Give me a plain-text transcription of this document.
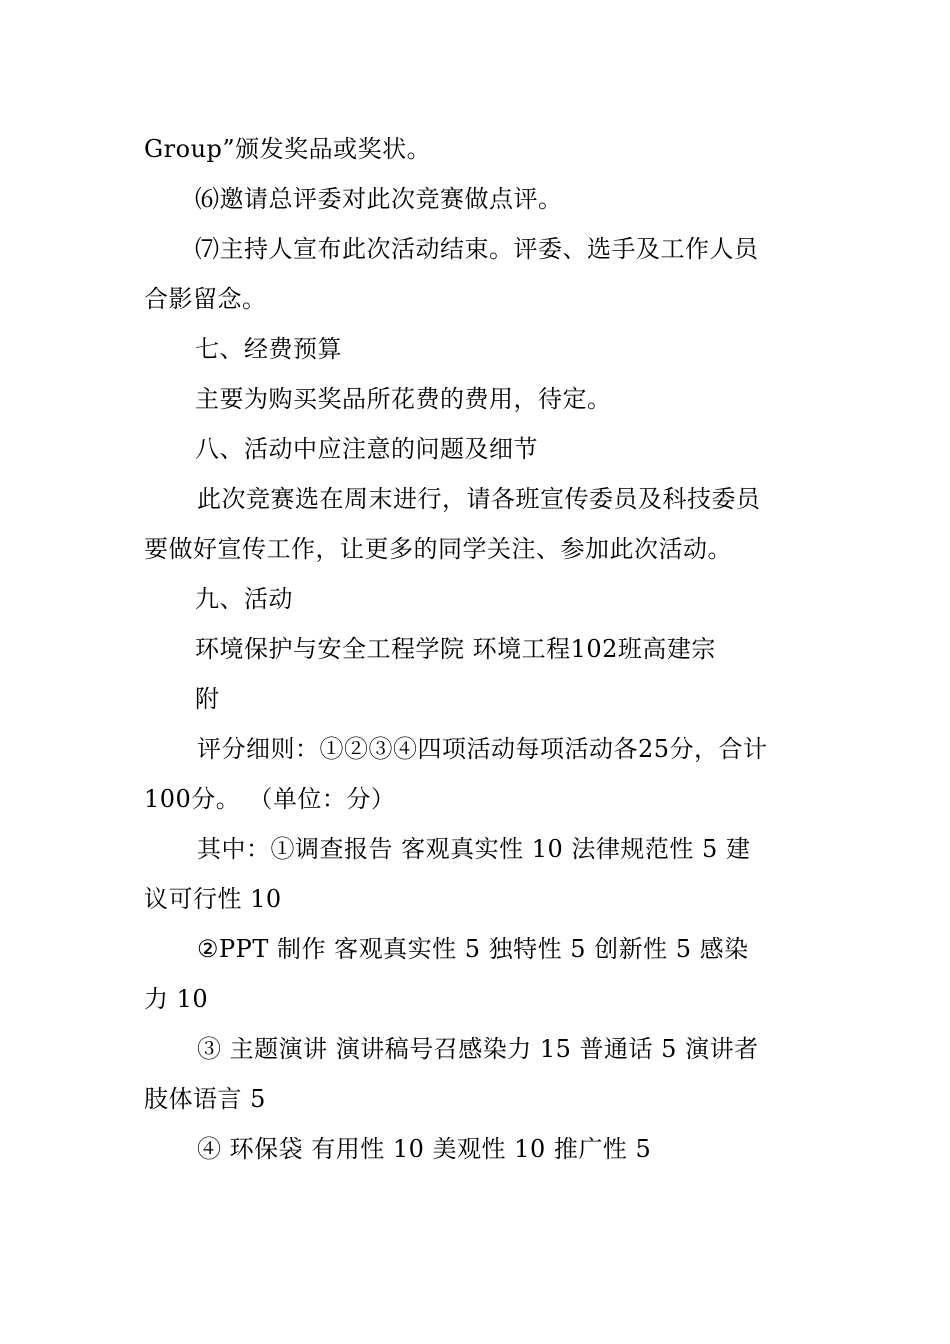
Group”颁发奖品或奖状。
⑹邀请总评委对此次竞赛做点评。
⑺主持人宣布此次活动结束。评委、选手及工作人员
合影留念。
七、经费预算
主要为购买奖品所花费的费用，待定。
八、活动中应注意的问题及细节
此次竞赛选在周末进行，请各班宣传委员及科技委员
要做好宣传工作，让更多的同学关注、参加此次活动。
九、活动
环境保护与安全工程学院 环境工程102班高建宗
附
评分细则：①②③④四项活动每项活动各25分，合计
100分。 （单位：分）
其中：①调查报告 客观真实性 10 法律规范性 5 建
议可行性 10
②PPT 制作 客观真实性 5 独特性 5 创新性 5 感染
力 10
③ 主题演讲 演讲稿号召感染力 15 普通话 5 演讲者
肢体语言 5
④ 环保袋 有用性 10 美观性 10 推广性 5
